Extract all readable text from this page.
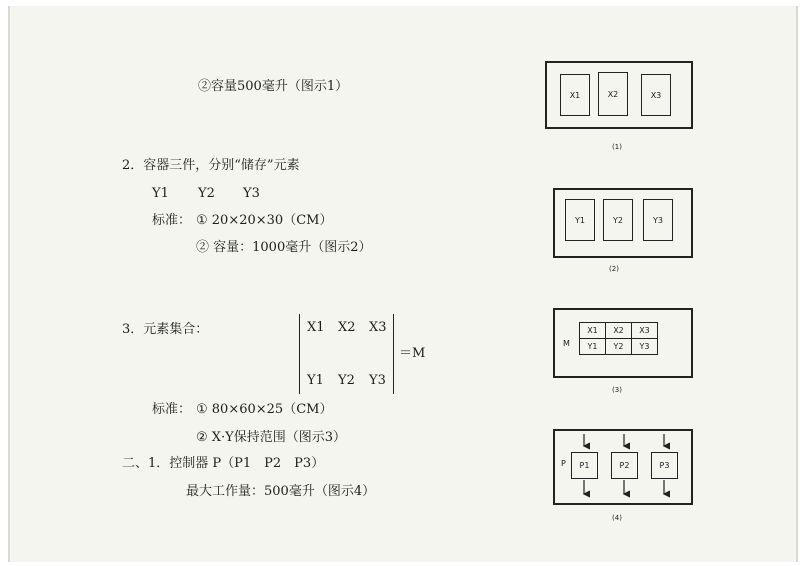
②容量500毫升（图示1）
2．容器三件，分别“储存”元素
Y1 Y2 Y3
标准： ① 20×20×30（CM）
② 容量：1000毫升（图示2）
3．元素集合：	X1 X2 X3
Y1 Y2 Y3
＝M
标准： ① 80×60×25（CM）
② X·Y保持范围（图示3）
二、1．控制器 P（P1　P2　P3）
最大工作量：500毫升（图示4）
X1	X2	X3
(1)
Y1	Y2	Y3
(2)
M
X1	X2	X3
Y1	Y2	Y3
(3)
P	P1	P2	P3
(4)
